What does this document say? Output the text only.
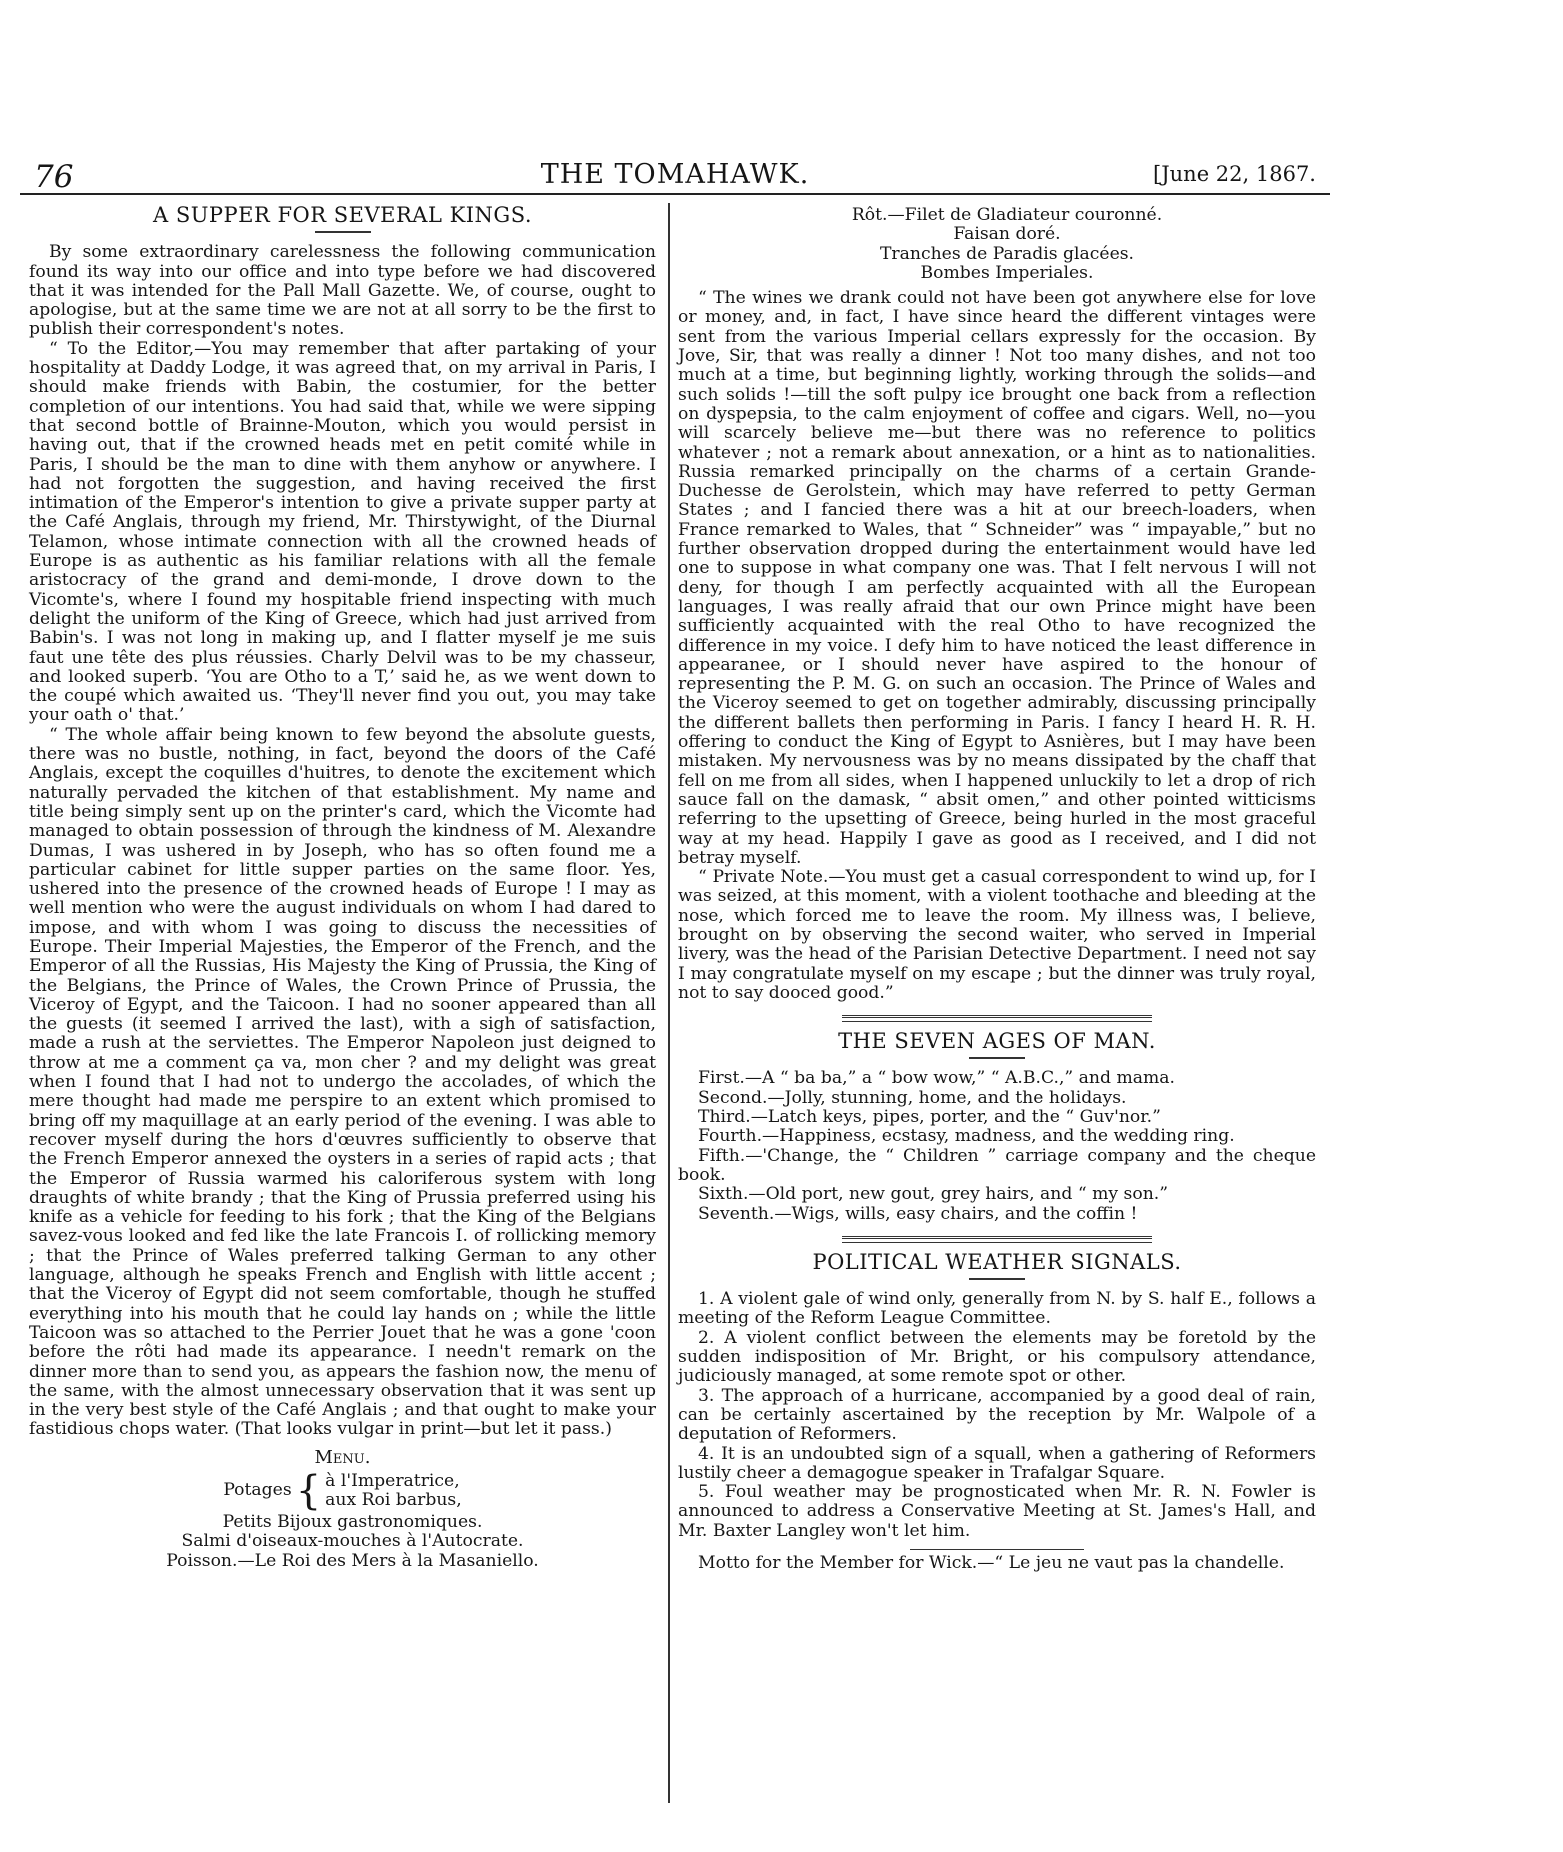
76	THE TOMAHAWK.	[June 22, 1867.
A SUPPER FOR SEVERAL KINGS.

By some extraordinary carelessness the following communication found its way into our office and into type before we had discovered that it was intended for the Pall Mall Gazette. We, of course, ought to apologise, but at the same time we are not at all sorry to be the first to publish their correspondent's notes.

“ To the Editor,—You may remember that after partaking of your hospitality at Daddy Lodge, it was agreed that, on my arrival in Paris, I should make friends with Babin, the costumier, for the better completion of our intentions. You had said that, while we were sipping that second bottle of Brainne-Mouton, which you would persist in having out, that if the crowned heads met en petit comité while in Paris, I should be the man to dine with them anyhow or anywhere. I had not forgotten the suggestion, and having received the first intimation of the Emperor's intention to give a private supper party at the Café Anglais, through my friend, Mr. Thirstywight, of the Diurnal Telamon, whose intimate connection with all the crowned heads of Europe is as authentic as his familiar relations with all the female aristocracy of the grand and demi-monde, I drove down to the Vicomte's, where I found my hospitable friend inspecting with much delight the uniform of the King of Greece, which had just arrived from Babin's. I was not long in making up, and I flatter myself je me suis faut une tête des plus réussies. Charly Delvil was to be my chasseur, and looked superb. ‘You are Otho to a T,’ said he, as we went down to the coupé which awaited us. ‘They'll never find you out, you may take your oath o' that.’

“ The whole affair being known to few beyond the absolute guests, there was no bustle, nothing, in fact, beyond the doors of the Café Anglais, except the coquilles d'huitres, to denote the excitement which naturally pervaded the kitchen of that establishment. My name and title being simply sent up on the printer's card, which the Vicomte had managed to obtain possession of through the kindness of M. Alexandre Dumas, I was ushered in by Joseph, who has so often found me a particular cabinet for little supper parties on the same floor. Yes, ushered into the presence of the crowned heads of Europe ! I may as well mention who were the august individuals on whom I had dared to impose, and with whom I was going to discuss the necessities of Europe. Their Imperial Majesties, the Emperor of the French, and the Emperor of all the Russias, His Majesty the King of Prussia, the King of the Belgians, the Prince of Wales, the Crown Prince of Prussia, the Viceroy of Egypt, and the Taicoon. I had no sooner appeared than all the guests (it seemed I arrived the last), with a sigh of satisfaction, made a rush at the serviettes. The Emperor Napoleon just deigned to throw at me a comment ça va, mon cher ? and my delight was great when I found that I had not to undergo the accolades, of which the mere thought had made me perspire to an extent which promised to bring off my maquillage at an early period of the evening. I was able to recover myself during the hors d'œuvres sufficiently to observe that the French Emperor annexed the oysters in a series of rapid acts ; that the Emperor of Russia warmed his caloriferous system with long draughts of white brandy ; that the King of Prussia preferred using his knife as a vehicle for feeding to his fork ; that the King of the Belgians savez-vous looked and fed like the late Francois I. of rollicking memory ; that the Prince of Wales preferred talking German to any other language, although he speaks French and English with little accent ; that the Viceroy of Egypt did not seem comfortable, though he stuffed everything into his mouth that he could lay hands on ; while the little Taicoon was so attached to the Perrier Jouet that he was a gone 'coon before the rôti had made its appearance. I needn't remark on the dinner more than to send you, as appears the fashion now, the menu of the same, with the almost unnecessary observation that it was sent up in the very best style of the Café Anglais ; and that ought to make your fastidious chops water. (That looks vulgar in print—but let it pass.)

Menu.
Potages { à l'Imperatrice,
aux Roi barbus,

Petits Bijoux gastronomiques.

Salmi d'oiseaux-mouches à l'Autocrate.

Poisson.—Le Roi des Mers à la Masaniello.

Rôt.—Filet de Gladiateur couronné.

Faisan doré.

Tranches de Paradis glacées.

Bombes Imperiales.

“ The wines we drank could not have been got anywhere else for love or money, and, in fact, I have since heard the different vintages were sent from the various Imperial cellars expressly for the occasion. By Jove, Sir, that was really a dinner ! Not too many dishes, and not too much at a time, but beginning lightly, working through the solids—and such solids !—till the soft pulpy ice brought one back from a reflection on dyspepsia, to the calm enjoyment of coffee and cigars. Well, no—you will scarcely believe me—but there was no reference to politics whatever ; not a remark about annexation, or a hint as to nationalities. Russia remarked principally on the charms of a certain Grande-Duchesse de Gerolstein, which may have referred to petty German States ; and I fancied there was a hit at our breech-loaders, when France remarked to Wales, that “ Schneider” was “ impayable,” but no further observation dropped during the entertainment would have led one to suppose in what company one was. That I felt nervous I will not deny, for though I am perfectly acquainted with all the European languages, I was really afraid that our own Prince might have been sufficiently acquainted with the real Otho to have recognized the difference in my voice. I defy him to have noticed the least difference in appearanee, or I should never have aspired to the honour of representing the P. M. G. on such an occasion. The Prince of Wales and the Viceroy seemed to get on together admirably, discussing principally the different ballets then performing in Paris. I fancy I heard H. R. H. offering to conduct the King of Egypt to Asnières, but I may have been mistaken. My nervousness was by no means dissipated by the chaff that fell on me from all sides, when I happened unluckily to let a drop of rich sauce fall on the damask, “ absit omen,” and other pointed witticisms referring to the upsetting of Greece, being hurled in the most graceful way at my head. Happily I gave as good as I received, and I did not betray myself.

“ Private Note.—You must get a casual correspondent to wind up, for I was seized, at this moment, with a violent toothache and bleeding at the nose, which forced me to leave the room. My illness was, I believe, brought on by observing the second waiter, who served in Imperial livery, was the head of the Parisian Detective Department. I need not say I may congratulate myself on my escape ; but the dinner was truly royal, not to say dooced good.”

THE SEVEN AGES OF MAN.

First.—A “ ba ba,” a “ bow wow,” “ A.B.C.,” and mama.

Second.—Jolly, stunning, home, and the holidays.

Third.—Latch keys, pipes, porter, and the “ Guv'nor.”

Fourth.—Happiness, ecstasy, madness, and the wedding ring.

Fifth.—'Change, the “ Children ” carriage company and the cheque book.

Sixth.—Old port, new gout, grey hairs, and “ my son.”

Seventh.—Wigs, wills, easy chairs, and the coffin !

POLITICAL WEATHER SIGNALS.

1. A violent gale of wind only, generally from N. by S. half E., follows a meeting of the Reform League Committee.

2. A violent conflict between the elements may be foretold by the sudden indisposition of Mr. Bright, or his compulsory attendance, judiciously managed, at some remote spot or other.

3. The approach of a hurricane, accompanied by a good deal of rain, can be certainly ascertained by the reception by Mr. Walpole of a deputation of Reformers.

4. It is an undoubted sign of a squall, when a gathering of Reformers lustily cheer a demagogue speaker in Trafalgar Square.

5. Foul weather may be prognosticated when Mr. R. N. Fowler is announced to address a Conservative Meeting at St. James's Hall, and Mr. Baxter Langley won't let him.

Motto for the Member for Wick.—“ Le jeu ne vaut pas la chandelle.
